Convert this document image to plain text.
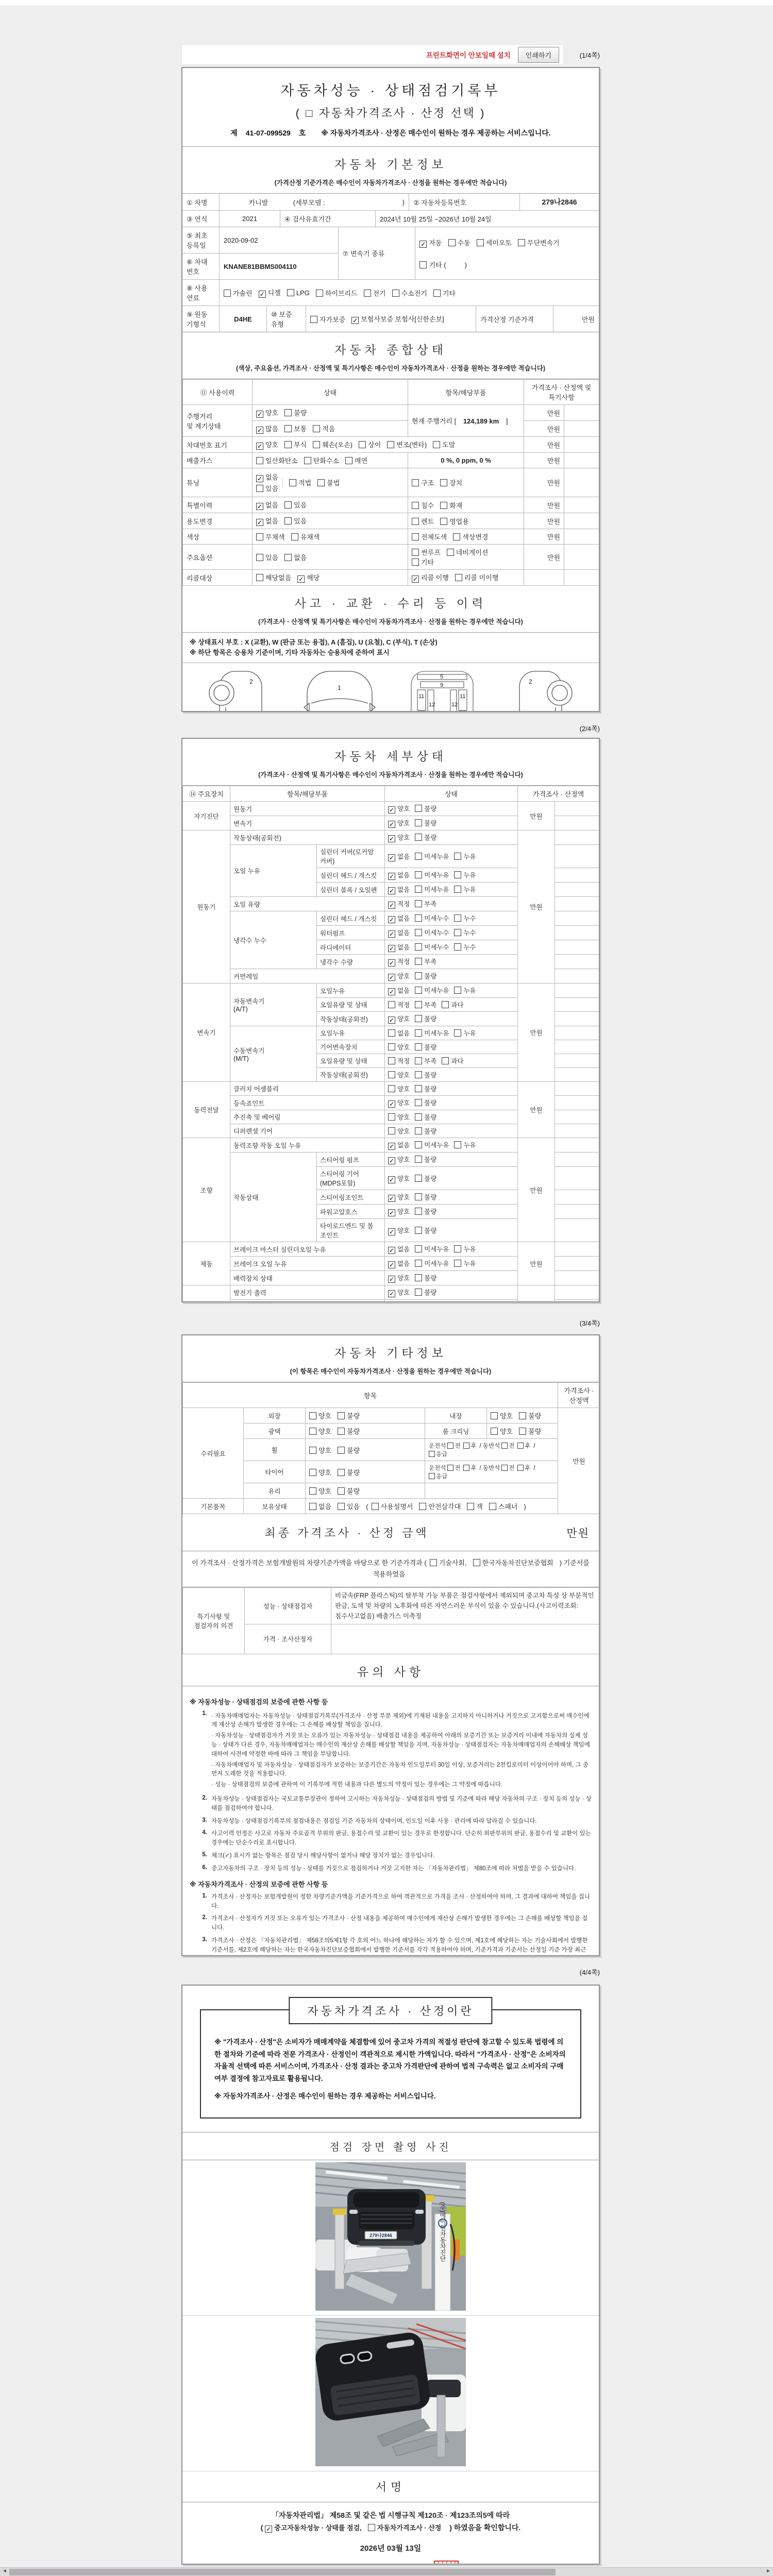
프린트화면이 안보일때 설치	인쇄하기	(1/4쪽)
자동차성능 · 상태점검기록부
( □ 자동차가격조사 · 산정 선택 )
제 41-07-099529 호 ※ 자동차가격조사 · 산정은 매수인이 원하는 경우 제공하는 서비스입니다.
자동차 기본정보
(가격산정 기준가격은 매수인이 자동차가격조사 · 산정을 원하는 경우에만 적습니다)
① 차명	카니발	(세부모델 :	)	② 자동차등록번호	279나2846
③ 연식	2021	④ 검사유효기간	2024년 10월 25일 ~2026년 10월 24일
⑤ 최초
등록일
2020-09-02
⑥ 차대
번호
KNANE81BBMS004110
⑦ 변속기 종류
✓ 자동	수동	세미오토	무단변속기
기타 (          )
⑧ 사용
연료
가솔린 ✓ 디젤	LPG	하이브리드	전기	수소전기	기타
⑨ 원동
기형식
D4HE
⑩ 보증
유형
자가보증 ✓ 보험사보증 보험사[신한손보]	가격산정 기준가격	만원
자동차 종합상태
(색상, 주요옵션, 가격조사 · 산정액 및 특기사항은 매수인이 자동차가격조사 · 산정을 원하는 경우에만 적습니다)
⑪ 사용이력	상태	항목/해당부품	가격조사 · 산정액 및 특기사항	
주행거리
및 계기상태	✓ 양호 불량	현재 주행거리 [ 124,189 km ]	만원	
	✓ 많음 보통 적음		만원	
차대번호 표기	✓ 양호 부식 훼손(오손) 상이 변조(변타) 도말		만원	
배출가스	일산화탄소 탄화수소 매연	0 %, 0 ppm, 0 %	만원	
튜닝	✓ 없음
있음
적법 불법	구조 장치	만원	
특별이력	✓ 없음 있음	침수 화재	만원	
용도변경	✓ 없음 있음	렌트 영업용	만원	
색상	무채색 유채색	전체도색 색상변경	만원	
주요옵션	있음 없음	썬루프 네비게이션기타	만원	
리콜대상	해당없음 ✓ 해당	✓ 리콜 이행 리콜 미이행		
사고 · 교환 · 수리 등 이력
(가격조사 · 산정액 및 특기사항은 매수인이 자동차가격조사 · 산정을 원하는 경우에만 적습니다)
※ 상태표시 부호 : X (교환), W (판금 또는 용접), A (흠집), U (요철), C (부식), T (손상)
※ 하단 항목은 승용차 기준이며, 기타 자동차는 승용차에 준하여 표시
2
1
5
9
11	11
12	12
2

(2/4쪽)
자동차 세부상태
(가격조사 · 산정액 및 특기사항은 매수인이 자동차가격조사 · 산정을 원하는 경우에만 적습니다)
⑭ 주요장치	항목/해당부품		상태	가격조사 · 산정액	
자기진단	원동기		✓ 양호 불량	만원	
	변속기		✓ 양호 불량		
원동기	작동상태(공회전)		✓ 양호 불량	만원	
	오일 누유	실린더 커버(로커암 커버)	✓ 없음 미세누유 누유		
		실린더 헤드 / 개스킷	✓ 없음 미세누유 누유		
		실린더 블록 / 오일팬	✓ 없음 미세누유 누유		
	오일 유량		✓ 적정 부족		
	냉각수 누수	실린더 헤드 / 개스킷	✓ 없음 미세누수 누수		
		워터펌프	✓ 없음 미세누수 누수		
		라디에이터	✓ 없음 미세누수 누수		
		냉각수 수량	✓ 적정 부족		
	커먼레일		✓ 양호 불량		
변속기	자동변속기
(A/T)	오일누유	✓ 없음 미세누유 누유	만원	
		오일유량 및 상태	적정 부족 과다		
		작동상태(공회전)	✓ 양호 불량		
	수동변속기
(M/T)	오일누유	없음 미세누유 누유		
		기어변속장치	양호 불량		
		오일유량 및 상태	적정 부족 과다		
		작동상태(공회전)	양호 불량		
동력전달	클러치 어셈블리		양호 불량	만원	
	등속죠인트		✓ 양호 불량		
	추진축 및 베어링		양호 불량		
	디퍼렌셜 기어		양호 불량		
조향	동력조향 작동 오일 누유		✓ 없음 미세누유 누유	만원	
	작동상태	스티어링 펌프	✓ 양호 불량		
		스티어링 기어(MDPS포함)	✓ 양호 불량		
		스티어링조인트	✓ 양호 불량		
		파워고압호스	✓ 양호 불량		
		타이로드엔드 및 볼 조인트	✓ 양호 불량		
제동	브레이크 마스터 실린더오일 누유		✓ 없음 미세누유 누유	만원	
	브레이크 오일 누유		✓ 없음 미세누유 누유		
	배력장치 상태		✓ 양호 불량		
	발전기 출력		✓ 양호 불량		

(3/4쪽)
자동차 기타정보
(이 항목은 매수인이 자동차가격조사 · 산정을 원하는 경우에만 적습니다)
항목					가격조사 · 산정액
수리필요	외장	양호 불량	내장	양호 불량	만원
	광택	양호 불량	룸 크리닝	양호 불량	
	휠	양호 불량	운전석 전 후 / 동반석 전 후 /응급		
	타이어	양호 불량	운전석 전 후 / 동반석 전 후 /응급		
	유리	양호 불량			
기본품목	보유상태	없음 있음 ( 사용설명서 안전삼각대 잭 스패너 )			
최종 가격조사 · 산정 금액	만원
이 가격조사 · 산정가격은 보험개발원의 차량기준가액을 바탕으로 한 기준가격과 ( 기술사회, 한국자동차진단보증협회 ) 기준서를 적용하였음
특기사항 및
점검자의 의견	성능 · 상태점검자	비금속(FRP 플라스틱)의 탈부착 가능 부품은 점검사항에서 제외되며 중고차 특성 상 부분적인 판금, 도색 및 차량의 노후화에 따른 자연스러운 부식이 있을 수 있습니다.(사고이력조회:침수사고없음) 배출가스 미측정
	가격 · 조사산정자	
유의 사항
※ 자동차성능 · 상태점검의 보증에 관한 사항 등
1. · 자동차매매업자는 자동차성능 · 상태점검기록부(가격조사 · 산정 부분 제외)에 기재된 내용을 고지하지 아니하거나 거짓으로 고지함으로써 매수인에게 재산상 손해가 발생한 경우에는 그 손해를 배상할 책임을 집니다.
· 자동차성능 · 상태점검자가 거짓 또는 오류가 있는 자동차성능 · 상태점검 내용을 제공하여 아래의 보증기간 또는 보증거리 이내에 자동차의 실제 성능 · 상태가 다른 경우, 자동차매매업자는 매수인의 재산상 손해를 배상할 책임을 지며, 자동차성능 · 상태점검자는 자동차매매업자의 손해배상 책임에 대하여 사전에 약정한 바에 따라 그 책임을 부담합니다.
· 자동차매매업자 및 자동차성능 · 상태점검자가 보증하는 보증기간은 자동차 인도일부터 30일 이상, 보증거리는 2천킬로미터 이상이어야 하며, 그 중 먼저 도래한 것을 적용합니다.
· 성능 · 상태점검의 보증에 관하여 이 기록부에 적힌 내용과 다른 별도의 약정이 있는 경우에는 그 약정에 따릅니다.
2. 자동차성능 · 상태점검자는 국토교통부장관이 정하여 고시하는 자동차성능 · 상태점검의 방법 및 기준에 따라 해당 자동차의 구조 · 장치 등의 성능 · 상태를 점검하여야 합니다.
3. 자동차성능 · 상태점검기록부의 점검내용은 점검일 기준 자동차의 상태이며, 인도일 이후 사용 · 관리에 따라 달라질 수 있습니다.
4. 사고이력 인정은 사고로 자동차 주요골격 부위의 판금, 용접수리 및 교환이 있는 경우로 한정합니다. 단순히 외판부위의 판금, 용접수리 및 교환이 있는 경우에는 단순수리로 표시합니다.
5. 체크(✓) 표시가 없는 항목은 점검 당시 해당사항이 없거나 해당 장치가 없는 경우입니다.
6. 중고자동차의 구조 · 장치 등의 성능 · 상태를 거짓으로 점검하거나 거짓 고지한 자는 「자동차관리법」 제80조에 따라 처벌을 받을 수 있습니다.
※ 자동차가격조사 · 산정의 보증에 관한 사항 등
1. 가격조사 · 산정자는 보험개발원이 정한 차량기준가액을 기준가격으로 하여 객관적으로 가격을 조사 · 산정하여야 하며, 그 결과에 대하여 책임을 집니다.
2. 가격조사 · 산정자가 거짓 또는 오류가 있는 가격조사 · 산정 내용을 제공하여 매수인에게 재산상 손해가 발생한 경우에는 그 손해를 배상할 책임을 집니다.
3. 가격조사 · 산정은 「자동차관리법」 제58조의5제1항 각 호의 어느 하나에 해당하는 자가 할 수 있으며, 제1호에 해당하는 자는 기술사회에서 발행한 기준서를, 제2호에 해당하는 자는 한국자동차진단보증협회에서 발행한 기준서를 각각 적용하여야 하며, 기준가격과 기준서는 산정일 기준 가장 최근
(4/4쪽)
자동차가격조사 · 산정이란

※ "가격조사 · 산정"은 소비자가 매매계약을 체결함에 있어 중고차 가격의 적절성 판단에 참고할 수 있도록 법령에 의한 절차와 기준에 따라 전문 가격조사 · 산정인이 객관적으로 제시한 가액입니다. 따라서 "가격조사 · 산정"은 소비자의 자율적 선택에 따른 서비스이며, 가격조사 · 산정 결과는 중고차 가격판단에 관하여 법적 구속력은 없고 소비자의 구매여부 결정에 참고자료로 활용됩니다.

※ 자동차가격조사 · 산정은 매수인이 원하는 경우 제공하는 서비스입니다.

점검 장면 촬영 사진
279나2846	(주)에이원자동차진단
서명
「자동차관리법」 제58조 및 같은 법 시행규칙 제120조 · 제123조의5에 따라
( ✓ 중고자동차성능 · 상태를 점검, 자동차가격조사 · 산정 ) 하였음을 확인합니다.
2026년 03월 13일
◄	►
